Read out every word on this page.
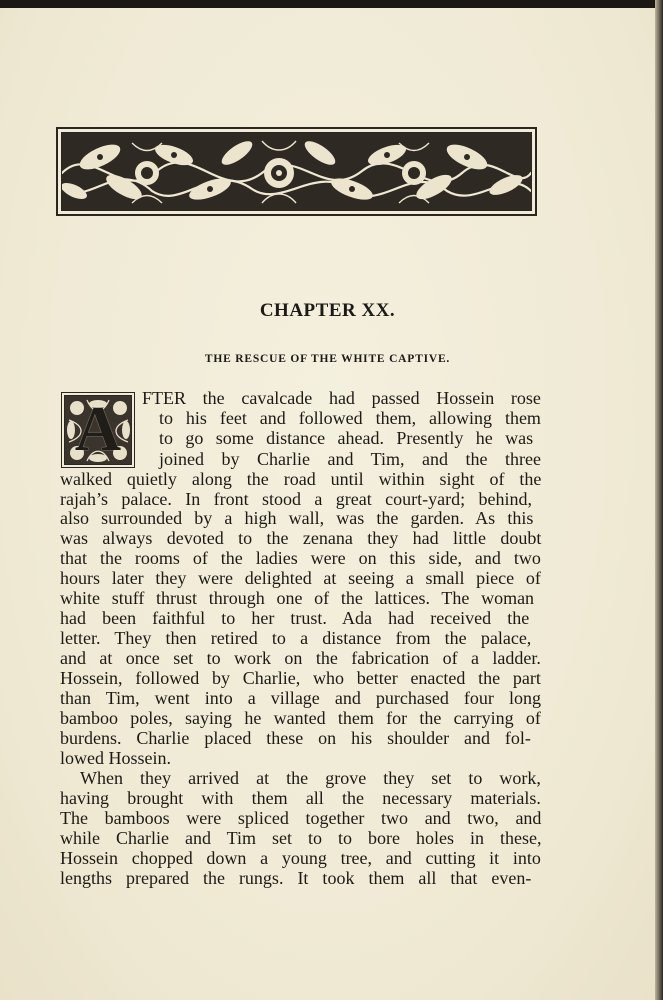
CHAPTER XX.
THE RESCUE OF THE WHITE CAPTIVE.
A	FTER the cavalcade had passed Hossein rose

to his feet and followed them, allowing them

to go some distance ahead. Presently he was

joined by Charlie and Tim, and the three

walked quietly along the road until within sight of the

rajah’s palace. In front stood a great court-yard; behind,

also surrounded by a high wall, was the garden. As this

was always devoted to the zenana they had little doubt

that the rooms of the ladies were on this side, and two

hours later they were delighted at seeing a small piece of

white stuff thrust through one of the lattices. The woman

had been faithful to her trust. Ada had received the

letter. They then retired to a distance from the palace,

and at once set to work on the fabrication of a ladder.

Hossein, followed by Charlie, who better enacted the part

than Tim, went into a village and purchased four long

bamboo poles, saying he wanted them for the carrying of

burdens. Charlie placed these on his shoulder and fol-

lowed Hossein.

When they arrived at the grove they set to work,

having brought with them all the necessary materials.

The bamboos were spliced together two and two, and

while Charlie and Tim set to to bore holes in these,

Hossein chopped down a young tree, and cutting it into

lengths prepared the rungs. It took them all that even-
